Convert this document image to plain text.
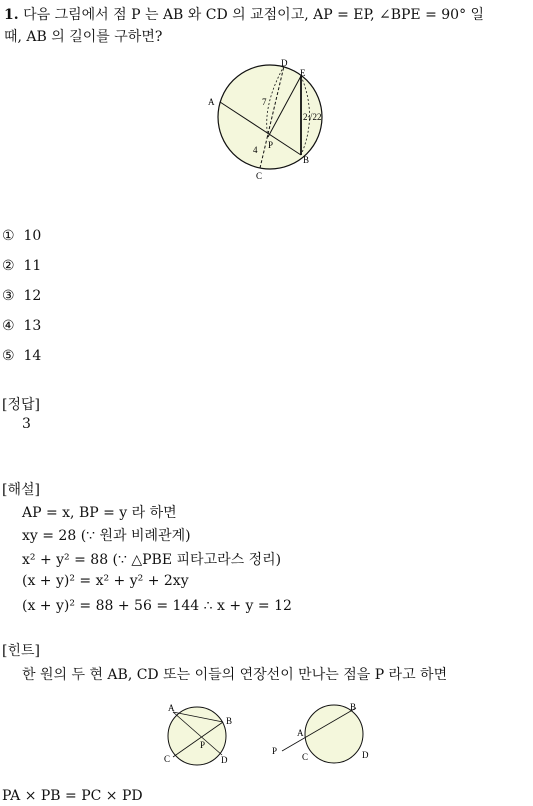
1. 다음 그림에서 점 P 는 AB 와 CD 의 교점이고, AP = EP, ∠BPE = 90° 일
때, AB 의 길이를 구하면?
D
E
A
B
C
P
7
4
2√22
① 10
② 11
③ 12
④ 13
⑤ 14
[정답]
3
[해설]
AP = x, BP = y 라 하면
xy = 28 (∵ 원과 비례관계)
x² + y² = 88 (∵ △PBE 피타고라스 정리)
(x + y)² = x² + y² + 2xy
(x + y)² = 88 + 56 = 144 ∴ x + y = 12
[힌트]
한 원의 두 현 AB, CD 또는 이들의 연장선이 만나는 점을 P 라고 하면
A
B
C	D
P
P
A
B
C	D
PA × PB = PC × PD
